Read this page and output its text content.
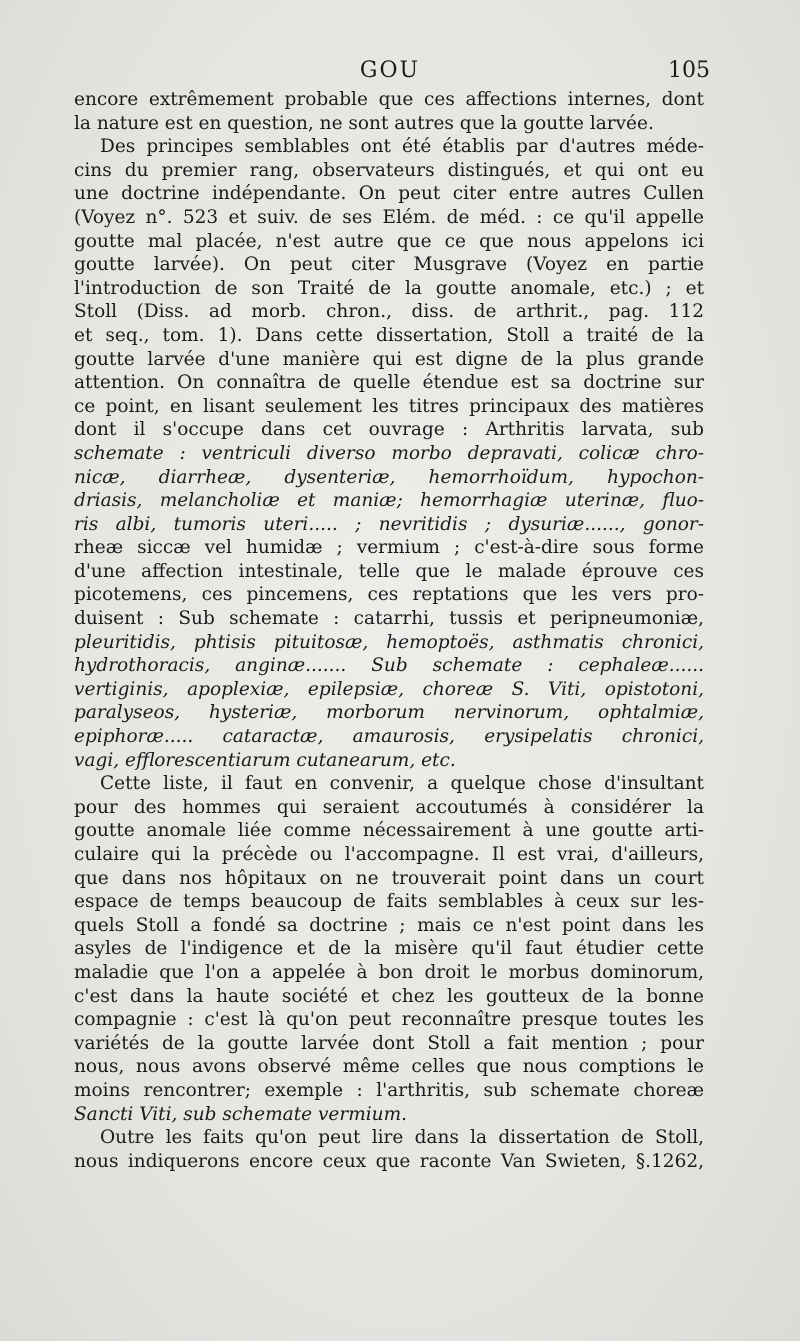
GOU	105
encore extrêmement probable que ces affections internes, dont
la nature est en question, ne sont autres que la goutte larvée.
Des principes semblables ont été établis par d'autres méde-
cins du premier rang, observateurs distingués, et qui ont eu
une doctrine indépendante. On peut citer entre autres Cullen
(Voyez n°. 523 et suiv. de ses Elém. de méd. : ce qu'il appelle
goutte mal placée, n'est autre que ce que nous appelons ici
goutte larvée). On peut citer Musgrave (Voyez en partie
l'introduction de son Traité de la goutte anomale, etc.) ; et
Stoll (Diss. ad morb. chron., diss. de arthrit., pag. 112
et seq., tom. 1). Dans cette dissertation, Stoll a traité de la
goutte larvée d'une manière qui est digne de la plus grande
attention. On connaîtra de quelle étendue est sa doctrine sur
ce point, en lisant seulement les titres principaux des matières
dont il s'occupe dans cet ouvrage : Arthritis larvata, sub
schemate : ventriculi diverso morbo depravati, colicæ chro-
nicæ, diarrheæ, dysenteriæ, hemorrhoïdum, hypochon-
driasis, melancholiæ et maniæ; hemorrhagiæ uterinæ, fluo-
ris albi, tumoris uteri..... ; nevritidis ; dysuriæ......, gonor-
rheæ siccæ vel humidæ ; vermium ; c'est-à-dire sous forme
d'une affection intestinale, telle que le malade éprouve ces
picotemens, ces pincemens, ces reptations que les vers pro-
duisent : Sub schemate : catarrhi, tussis et peripneumoniæ,
pleuritidis, phtisis pituitosæ, hemoptoës, asthmatis chronici,
hydrothoracis, anginæ....... Sub schemate : cephaleæ......
vertiginis, apoplexiæ, epilepsiæ, choreæ S. Viti, opistotoni,
paralyseos, hysteriæ, morborum nervinorum, ophtalmiæ,
epiphoræ..... cataractæ, amaurosis, erysipelatis chronici,
vagi, efflorescentiarum cutanearum, etc.
Cette liste, il faut en convenir, a quelque chose d'insultant
pour des hommes qui seraient accoutumés à considérer la
goutte anomale liée comme nécessairement à une goutte arti-
culaire qui la précède ou l'accompagne. Il est vrai, d'ailleurs,
que dans nos hôpitaux on ne trouverait point dans un court
espace de temps beaucoup de faits semblables à ceux sur les-
quels Stoll a fondé sa doctrine ; mais ce n'est point dans les
asyles de l'indigence et de la misère qu'il faut étudier cette
maladie que l'on a appelée à bon droit le morbus dominorum,
c'est dans la haute société et chez les goutteux de la bonne
compagnie : c'est là qu'on peut reconnaître presque toutes les
variétés de la goutte larvée dont Stoll a fait mention ; pour
nous, nous avons observé même celles que nous comptions le
moins rencontrer; exemple : l'arthritis, sub schemate choreæ
Sancti Viti, sub schemate vermium.
Outre les faits qu'on peut lire dans la dissertation de Stoll,
nous indiquerons encore ceux que raconte Van Swieten, §.1262,
